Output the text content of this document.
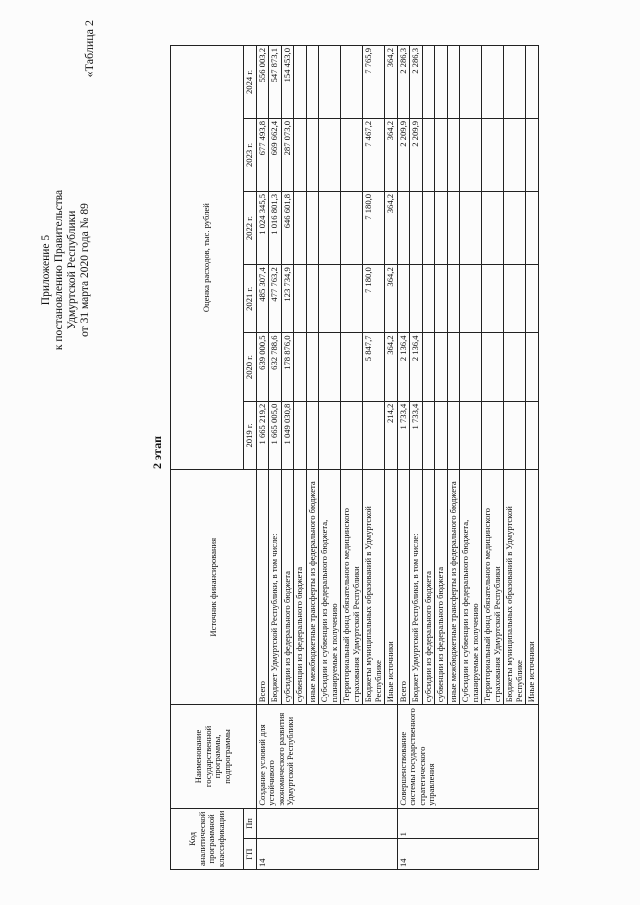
Приложение 5 к постановлению Правительства Удмуртской Республики от 31 марта 2020 года № 89
«Таблица 2
2 этап
Код аналитической программной классификации		Наименование государственной программы, подпрограммы	Источник финансирования	Оценка расходов, тыс. рублей					
ГП	Пп			2019 г.	2020 г.	2021 г.	2022 г.	2023 г.	2024 г.

14		Создание условий для устойчивого экономического развития Удмуртской Республики	Всего	1 665 219,2	639 000,5	485 307,4	1 024 345,5	677 493,8	556 003,2
			Бюджет Удмуртской Республики, в том числе:	1 665 005,0	632 788,6	477 763,2	1 016 801,3	669 662,4	547 873,1
			субсидии из федерального бюджета	1 049 030,8	178 876,0	123 734,9	646 601,8	287 073,0	154 453,0
			субвенции из федерального бюджета						
			иные межбюджетные трансферты из федерального бюджета						
			Субсидии и субвенции из федерального бюджета, планируемые к получению						
			Территориальный фонд обязательного медицинского страхования Удмуртской Республики						
			Бюджеты муниципальных образований в Удмуртской Республике		5 847,7	7 180,0	7 180,0	7 467,2	7 765,9
			Иные источники	214,2	364,2	364,2	364,2	364,2	364,2
14	1	Совершенствование системы государственного стратегического управления	Всего	1 733,4	2 136,4			2 209,9	2 286,3
			Бюджет Удмуртской Республики, в том числе:	1 733,4	2 136,4			2 209,9	2 286,3
			субсидии из федерального бюджета						
			субвенции из федерального бюджета						
			иные межбюджетные трансферты из федерального бюджета						
			Субсидии и субвенции из федерального бюджета, планируемые к получению						
			Территориальный фонд обязательного медицинского страхования Удмуртской Республики						
			Бюджеты муниципальных образований в Удмуртской Республике						
			Иные источники						
